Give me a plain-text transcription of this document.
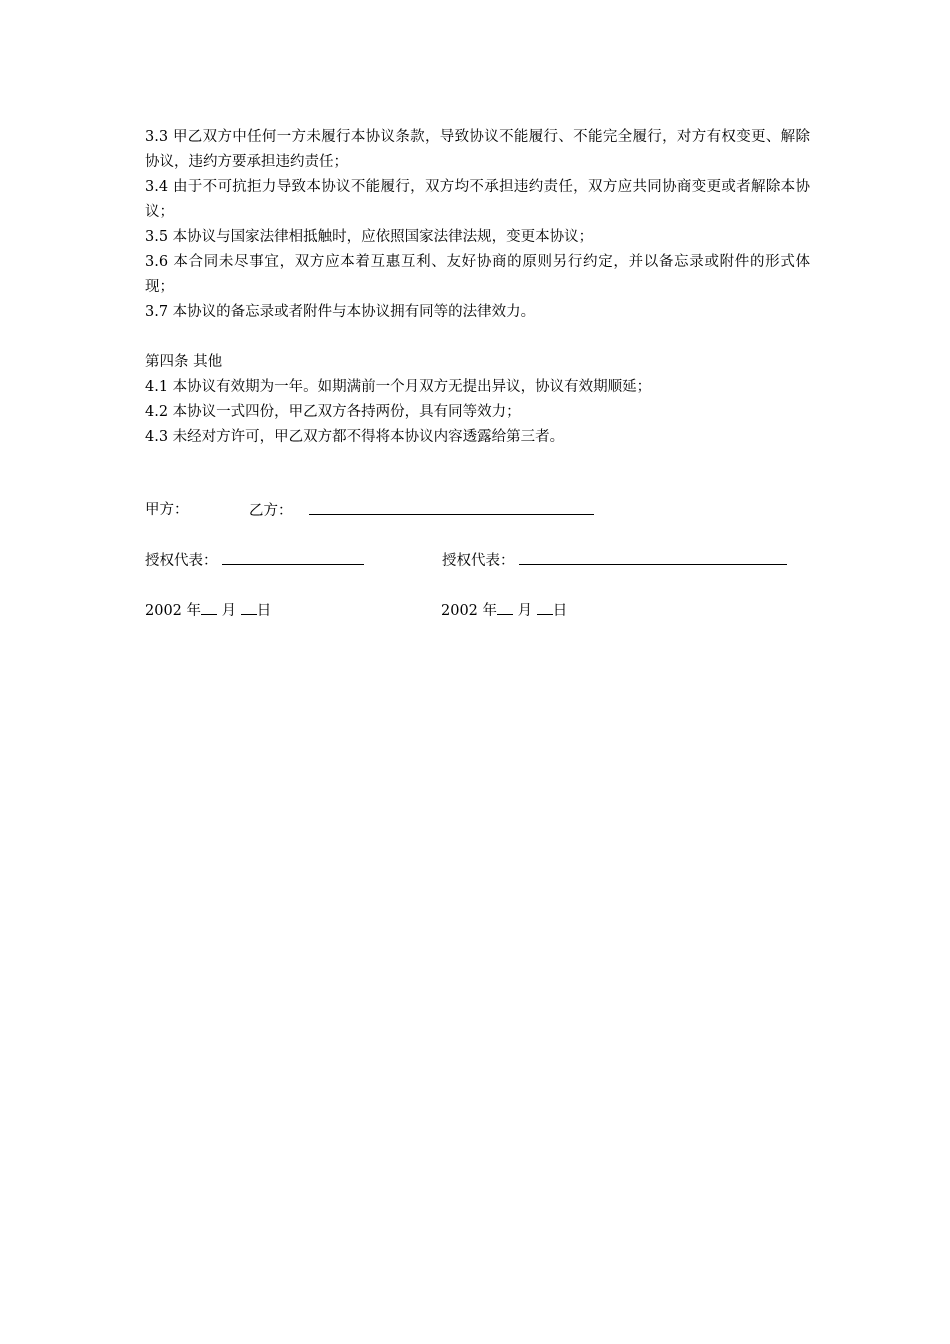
3.3 甲乙双方中任何一方未履行本协议条款，导致协议不能履行、不能完全履行，对方有权变更、解除协议，违约方要承担违约责任；

3.4 由于不可抗拒力导致本协议不能履行，双方均不承担违约责任，双方应共同协商变更或者解除本协议；

3.5 本协议与国家法律相抵触时，应依照国家法律法规，变更本协议；

3.6 本合同未尽事宜，双方应本着互惠互利、友好协商的原则另行约定，并以备忘录或附件的形式体现；

3.7 本协议的备忘录或者附件与本协议拥有同等的法律效力。

第四条 其他

4.1 本协议有效期为一年。如期满前一个月双方无提出异议，协议有效期顺延；

4.2 本协议一式四份，甲乙双方各持两份，具有同等效力；

4.3 未经对方许可，甲乙双方都不得将本协议内容透露给第三者。

甲方：	乙方：
授权代表：	授权代表：
2002 年 月 日	2002 年 月 日
